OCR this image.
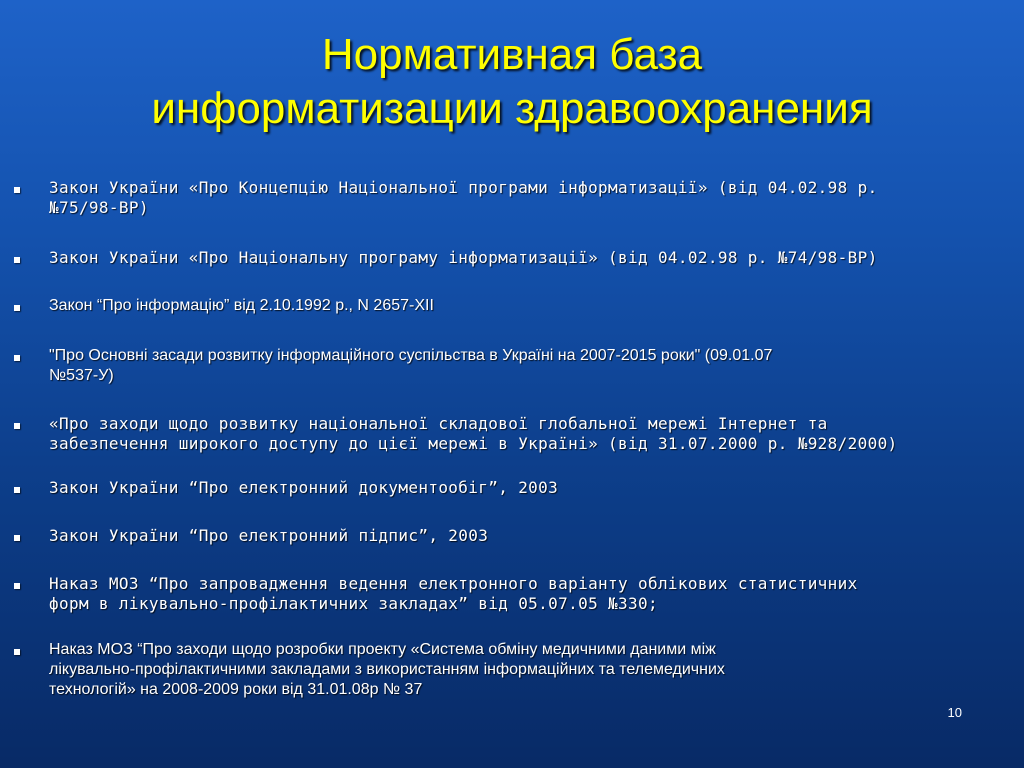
Нормативная база
информатизации здравоохранения
Закон України «Про Концепцію Національної програми інформатизації» (від 04.02.98 р.
№75/98-ВР)
Закон України «Про Національну програму інформатизації» (від 04.02.98 р. №74/98-ВР)
Закон “Про інформацію” від 2.10.1992 р., N 2657-XII
"Про Основні засади розвитку інформаційного суспільства в Україні на 2007-2015 роки" (09.01.07
№537-У)
«Про заходи щодо розвитку національної складової глобальної мережі Інтернет та
забезпечення широкого доступу до цієї мережі в Україні» (від 31.07.2000 р. №928/2000)
Закон України “Про електронний документообіг”, 2003
Закон України “Про електронний підпис”, 2003
Наказ МОЗ “Про запровадження ведення електронного варіанту облікових статистичних
форм в лікувально-профілактичних закладах” від 05.07.05 №330;
Наказ МОЗ “Про заходи щодо розробки проекту «Система обміну медичними даними між
лікувально-профілактичними закладами з використанням інформаційних та телемедичних
технологій» на 2008-2009 роки від 31.01.08р № 37
10
